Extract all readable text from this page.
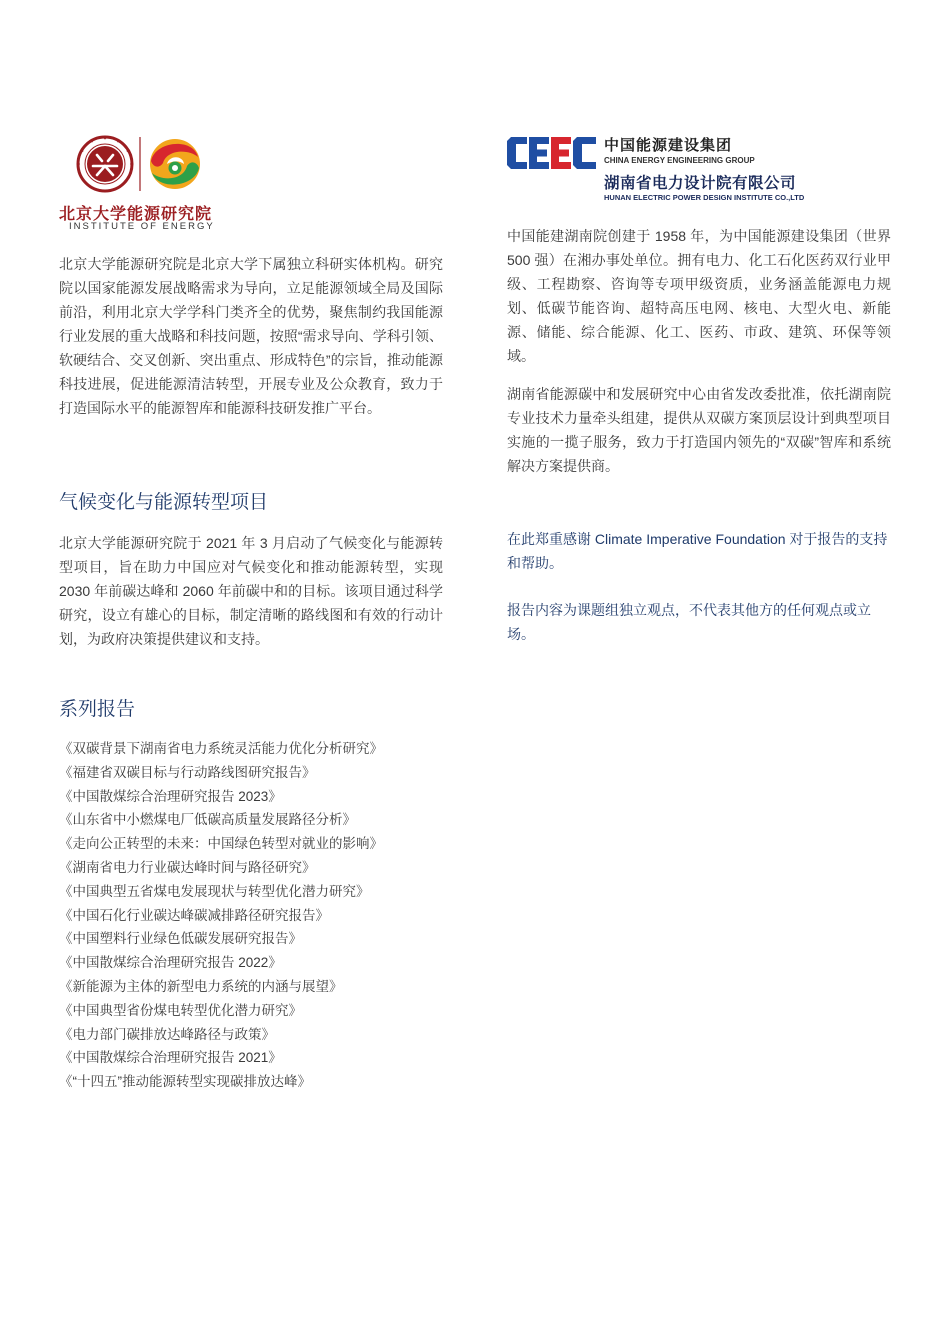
北京大学能源研究院
INSTITUTE OF ENERGY
中国能源建设集团
CHINA ENERGY ENGINEERING GROUP
湖南省电力设计院有限公司
HUNAN ELECTRIC POWER DESIGN INSTITUTE CO.,LTD

北京大学能源研究院是北京大学下属独立科研实体机构。研究院以国家能源发展战略需求为导向，立足能源领域全局及国际前沿，利用北京大学学科门类齐全的优势，聚焦制约我国能源行业发展的重大战略和科技问题，按照“需求导向、学科引领、软硬结合、交叉创新、突出重点、形成特色”的宗旨，推动能源科技进展，促进能源清洁转型，开展专业及公众教育，致力于打造国际水平的能源智库和能源科技研发推广平台。

气候变化与能源转型项目

北京大学能源研究院于 2021 年 3 月启动了气候变化与能源转型项目，旨在助力中国应对气候变化和推动能源转型，实现 2030 年前碳达峰和 2060 年前碳中和的目标。该项目通过科学研究，设立有雄心的目标，制定清晰的路线图和有效的行动计划，为政府决策提供建议和支持。

系列报告
《双碳背景下湖南省电力系统灵活能力优化分析研究》
《福建省双碳目标与行动路线图研究报告》
《中国散煤综合治理研究报告 2023》
《山东省中小燃煤电厂低碳高质量发展路径分析》
《走向公正转型的未来：中国绿色转型对就业的影响》
《湖南省电力行业碳达峰时间与路径研究》
《中国典型五省煤电发展现状与转型优化潜力研究》
《中国石化行业碳达峰碳减排路径研究报告》
《中国塑料行业绿色低碳发展研究报告》
《中国散煤综合治理研究报告 2022》
《新能源为主体的新型电力系统的内涵与展望》
《中国典型省份煤电转型优化潜力研究》
《电力部门碳排放达峰路径与政策》
《中国散煤综合治理研究报告 2021》
《“十四五”推动能源转型实现碳排放达峰》

中国能建湖南院创建于 1958 年，为中国能源建设集团（世界 500 强）在湘办事处单位。拥有电力、化工石化医药双行业甲级、工程勘察、咨询等专项甲级资质，业务涵盖能源电力规划、低碳节能咨询、超特高压电网、核电、大型火电、新能源、储能、综合能源、化工、医药、市政、建筑、环保等领域。

湖南省能源碳中和发展研究中心由省发改委批准，依托湖南院专业技术力量牵头组建，提供从双碳方案顶层设计到典型项目实施的一揽子服务，致力于打造国内领先的“双碳”智库和系统解决方案提供商。

在此郑重感谢 Climate Imperative Foundation 对于报告的支持和帮助。

报告内容为课题组独立观点，不代表其他方的任何观点或立场。
